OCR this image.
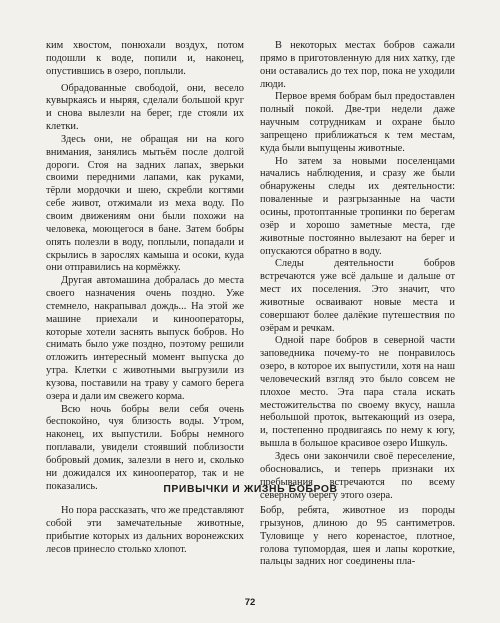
ким хвостом, понюхали воздух, потом подошли к воде, попили и, наконец, опустившись в озеро, поплыли.

Обрадованные свободой, они, весело кувыркаясь и ныряя, сделали большой круг и снова вылезли на берег, где стояли их клетки.

Здесь они, не обращая ни на кого внимания, занялись мытьём после долгой дороги. Стоя на задних лапах, зверьки своими передними лапами, как руками, тёрли мордочки и шею, скребли когтями себе живот, отжимали из меха воду. По своим движениям они были похожи на человека, моющегося в бане. Затем бобры опять полезли в воду, поплыли, попадали и скрылись в зарослях камыша и осоки, куда они отправились на кормёжку.

Другая автомашина добралась до места своего назначения очень поздно. Уже стемнело, накрапывал дождь... На этой же машине приехали и кинооператоры, которые хотели заснять выпуск бобров. Но снимать было уже поздно, поэтому решили отложить интересный момент выпуска до утра. Клетки с животными выгрузили из кузова, поставили на траву у самого берега озера и дали им свежего корма.

Всю ночь бобры вели себя очень беспокойно, чуя близость воды. Утром, наконец, их выпустили. Бобры немного поплавали, увидели стоявший поблизости бобровый домик, залезли в него и, сколько ни дожидался их кинооператор, так и не показались.

В некоторых местах бобров сажали прямо в приготовленную для них хатку, где они оставались до тех пор, пока не уходили люди.

Первое время бобрам был предоставлен полный покой. Две-три недели даже научным сотрудникам и охране было запрещено приближаться к тем местам, куда были выпущены животные.

Но затем за новыми поселенцами начались наблюдения, и сразу же были обнаружены следы их деятельности: поваленные и разгрызанные на части осины, протоптанные тропинки по берегам озёр и хорошо заметные места, где животные постоянно вылезают на берег и опускаются обратно в воду.

Следы деятельности бобров встречаются уже всё дальше и дальше от мест их поселения. Это значит, что животные осваивают новые места и совершают более далёкие путешествия по озёрам и речкам.

Одной паре бобров в северной части заповедника почему-то не понравилось озеро, в которое их выпустили, хотя на наш человеческий взгляд это было совсем не плохое место. Эта пара стала искать местожительства по своему вкусу, нашла небольшой проток, вытекающий из озера, и, постепенно продвигаясь по нему к югу, вышла в большое красивое озеро Ишкуль.

Здесь они закончили своё переселение, обосновались, и теперь признаки их пребывания встречаются по всему северному берегу этого озера.

ПРИВЫЧКИ И ЖИЗНЬ БОБРОВ

Но пора рассказать, что же представляют собой эти замечательные животные, прибытие которых из дальних воронежских лесов принесло столько хлопот.

Бобр, ребята, животное из породы грызунов, длиною до 95 сантиметров. Туловище у него коренастое, плотное, голова тупомордая, шея и лапы короткие, пальцы задних ног соединены пла-

72
